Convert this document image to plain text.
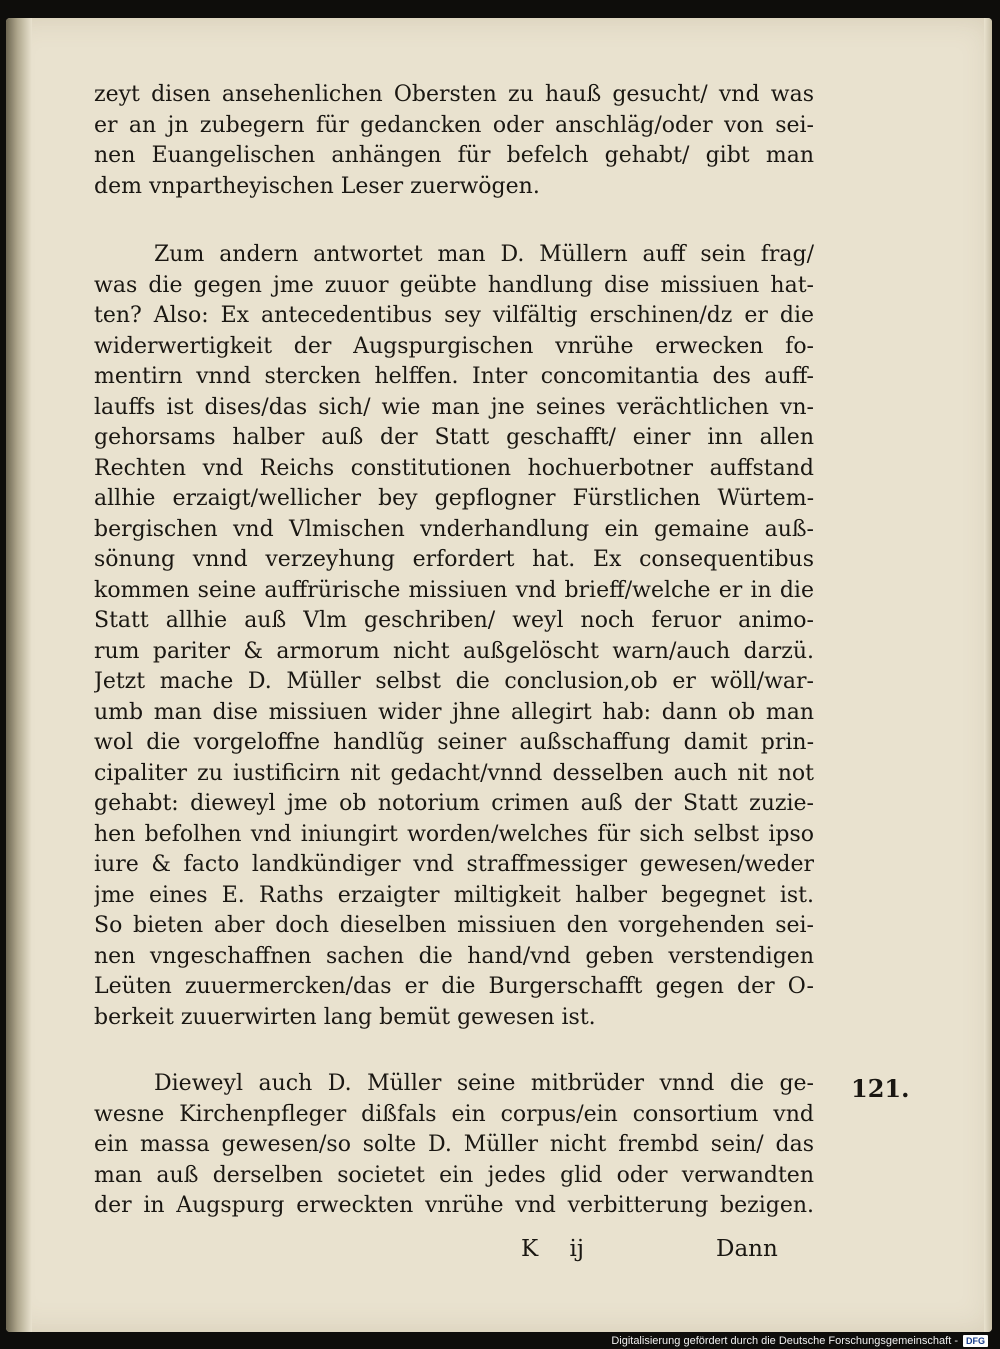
zeyt disen ansehenlichen Obersten zu hauß gesucht/ vnd was
er an jn zubegern für gedancken oder anschläg/oder von sei-
nen Euangelischen anhängen für befelch gehabt/ gibt man
dem vnpartheyischen Leser zuerwögen.
Zum andern antwortet man D. Müllern auff sein frag/
was die gegen jme zuuor geübte handlung dise missiuen hat-
ten? Also: Ex antecedentibus sey vilfältig erschinen/dz er die
widerwertigkeit der Augspurgischen vnrühe erwecken fo-
mentirn vnnd stercken helffen. Inter concomitantia des auff-
lauffs ist dises/das sich/ wie man jne seines verächtlichen vn-
gehorsams halber auß der Statt geschafft/ einer inn allen
Rechten vnd Reichs constitutionen hochuerbotner auffstand
allhie erzaigt/wellicher bey gepflogner Fürstlichen Würtem-
bergischen vnd Vlmischen vnderhandlung ein gemaine auß-
sönung vnnd verzeyhung erfordert hat. Ex consequentibus
kommen seine auffrürische missiuen vnd brieff/welche er in die
Statt allhie auß Vlm geschriben/ weyl noch feruor animo-
rum pariter & armorum nicht außgelöscht warn/auch darzü.
Jetzt mache D. Müller selbst die conclusion,ob er wöll/war-
umb man dise missiuen wider jhne allegirt hab: dann ob man
wol die vorgeloffne handlũg seiner außschaffung damit prin-
cipaliter zu iustificirn nit gedacht/vnnd desselben auch nit not
gehabt: dieweyl jme ob notorium crimen auß der Statt zuzie-
hen befolhen vnd iniungirt worden/welches für sich selbst ipso
iure & facto landkündiger vnd straffmessiger gewesen/weder
jme eines E. Raths erzaigter miltigkeit halber begegnet ist.
So bieten aber doch dieselben missiuen den vorgehenden sei-
nen vngeschaffnen sachen die hand/vnd geben verstendigen
Leüten zuuermercken/das er die Burgerschafft gegen der O-
berkeit zuuerwirten lang bemüt gewesen ist.
Dieweyl auch D. Müller seine mitbrüder vnnd die ge-
wesne Kirchenpfleger dißfals ein corpus/ein consortium vnd
ein massa gewesen/so solte D. Müller nicht frembd sein/ das
man auß derselben societet ein jedes glid oder verwandten
der in Augspurg erweckten vnrühe vnd verbitterung bezigen.
121.
K ij	Dann
Digitalisierung gefördert durch die Deutsche Forschungsgemeinschaft - DFG
